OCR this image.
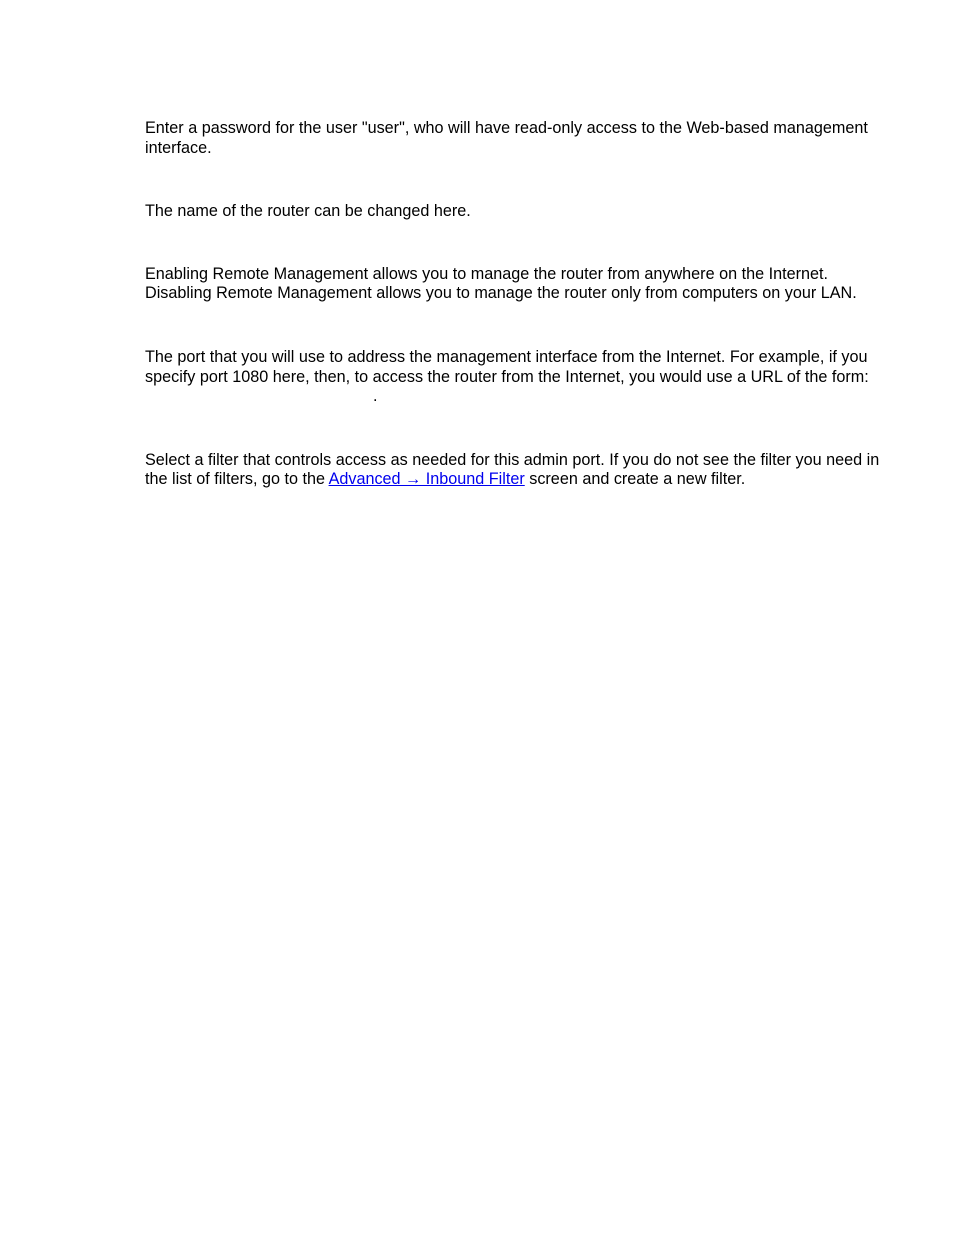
Enter a password for the user "user", who will have read-only access to the Web-based management interface.

The name of the router can be changed here.

Enabling Remote Management allows you to manage the router from anywhere on the Internet. Disabling Remote Management allows you to manage the router only from computers on your LAN.

The port that you will use to address the management interface from the Internet. For example, if you specify port 1080 here, then, to access the router from the Internet, you would use a URL of the form: .

Select a filter that controls access as needed for this admin port. If you do not see the filter you need in the list of filters, go to the Advanced → Inbound Filter screen and create a new filter.
